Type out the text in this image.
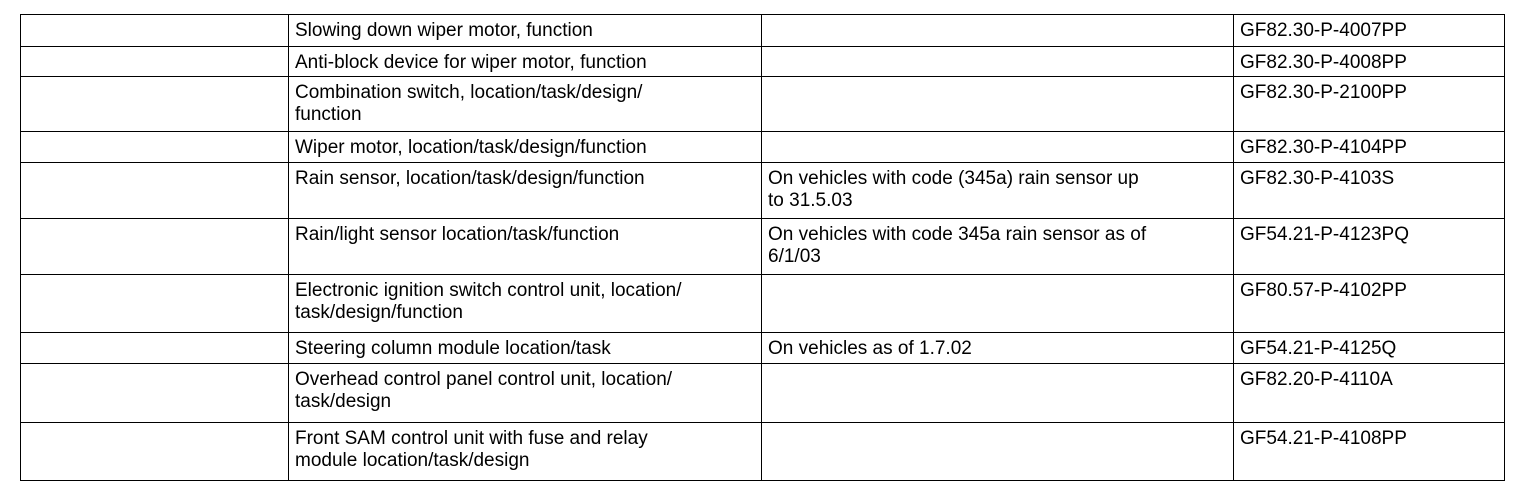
	Slowing down wiper motor, function		GF82.30-P-4007PP
	Anti-block device for wiper motor, function		GF82.30-P-4008PP
	Combination switch, location/task/design/
function		GF82.30-P-2100PP
	Wiper motor, location/task/design/function		GF82.30-P-4104PP
	Rain sensor, location/task/design/function	On vehicles with code (345a) rain sensor up
to 31.5.03	GF82.30-P-4103S
	Rain/light sensor location/task/function	On vehicles with code 345a rain sensor as of
6/1/03	GF54.21-P-4123PQ
	Electronic ignition switch control unit, location/
task/design/function		GF80.57-P-4102PP
	Steering column module location/task	On vehicles as of 1.7.02	GF54.21-P-4125Q
	Overhead control panel control unit, location/
task/design		GF82.20-P-4110A
	Front SAM control unit with fuse and relay
module location/task/design		GF54.21-P-4108PP
